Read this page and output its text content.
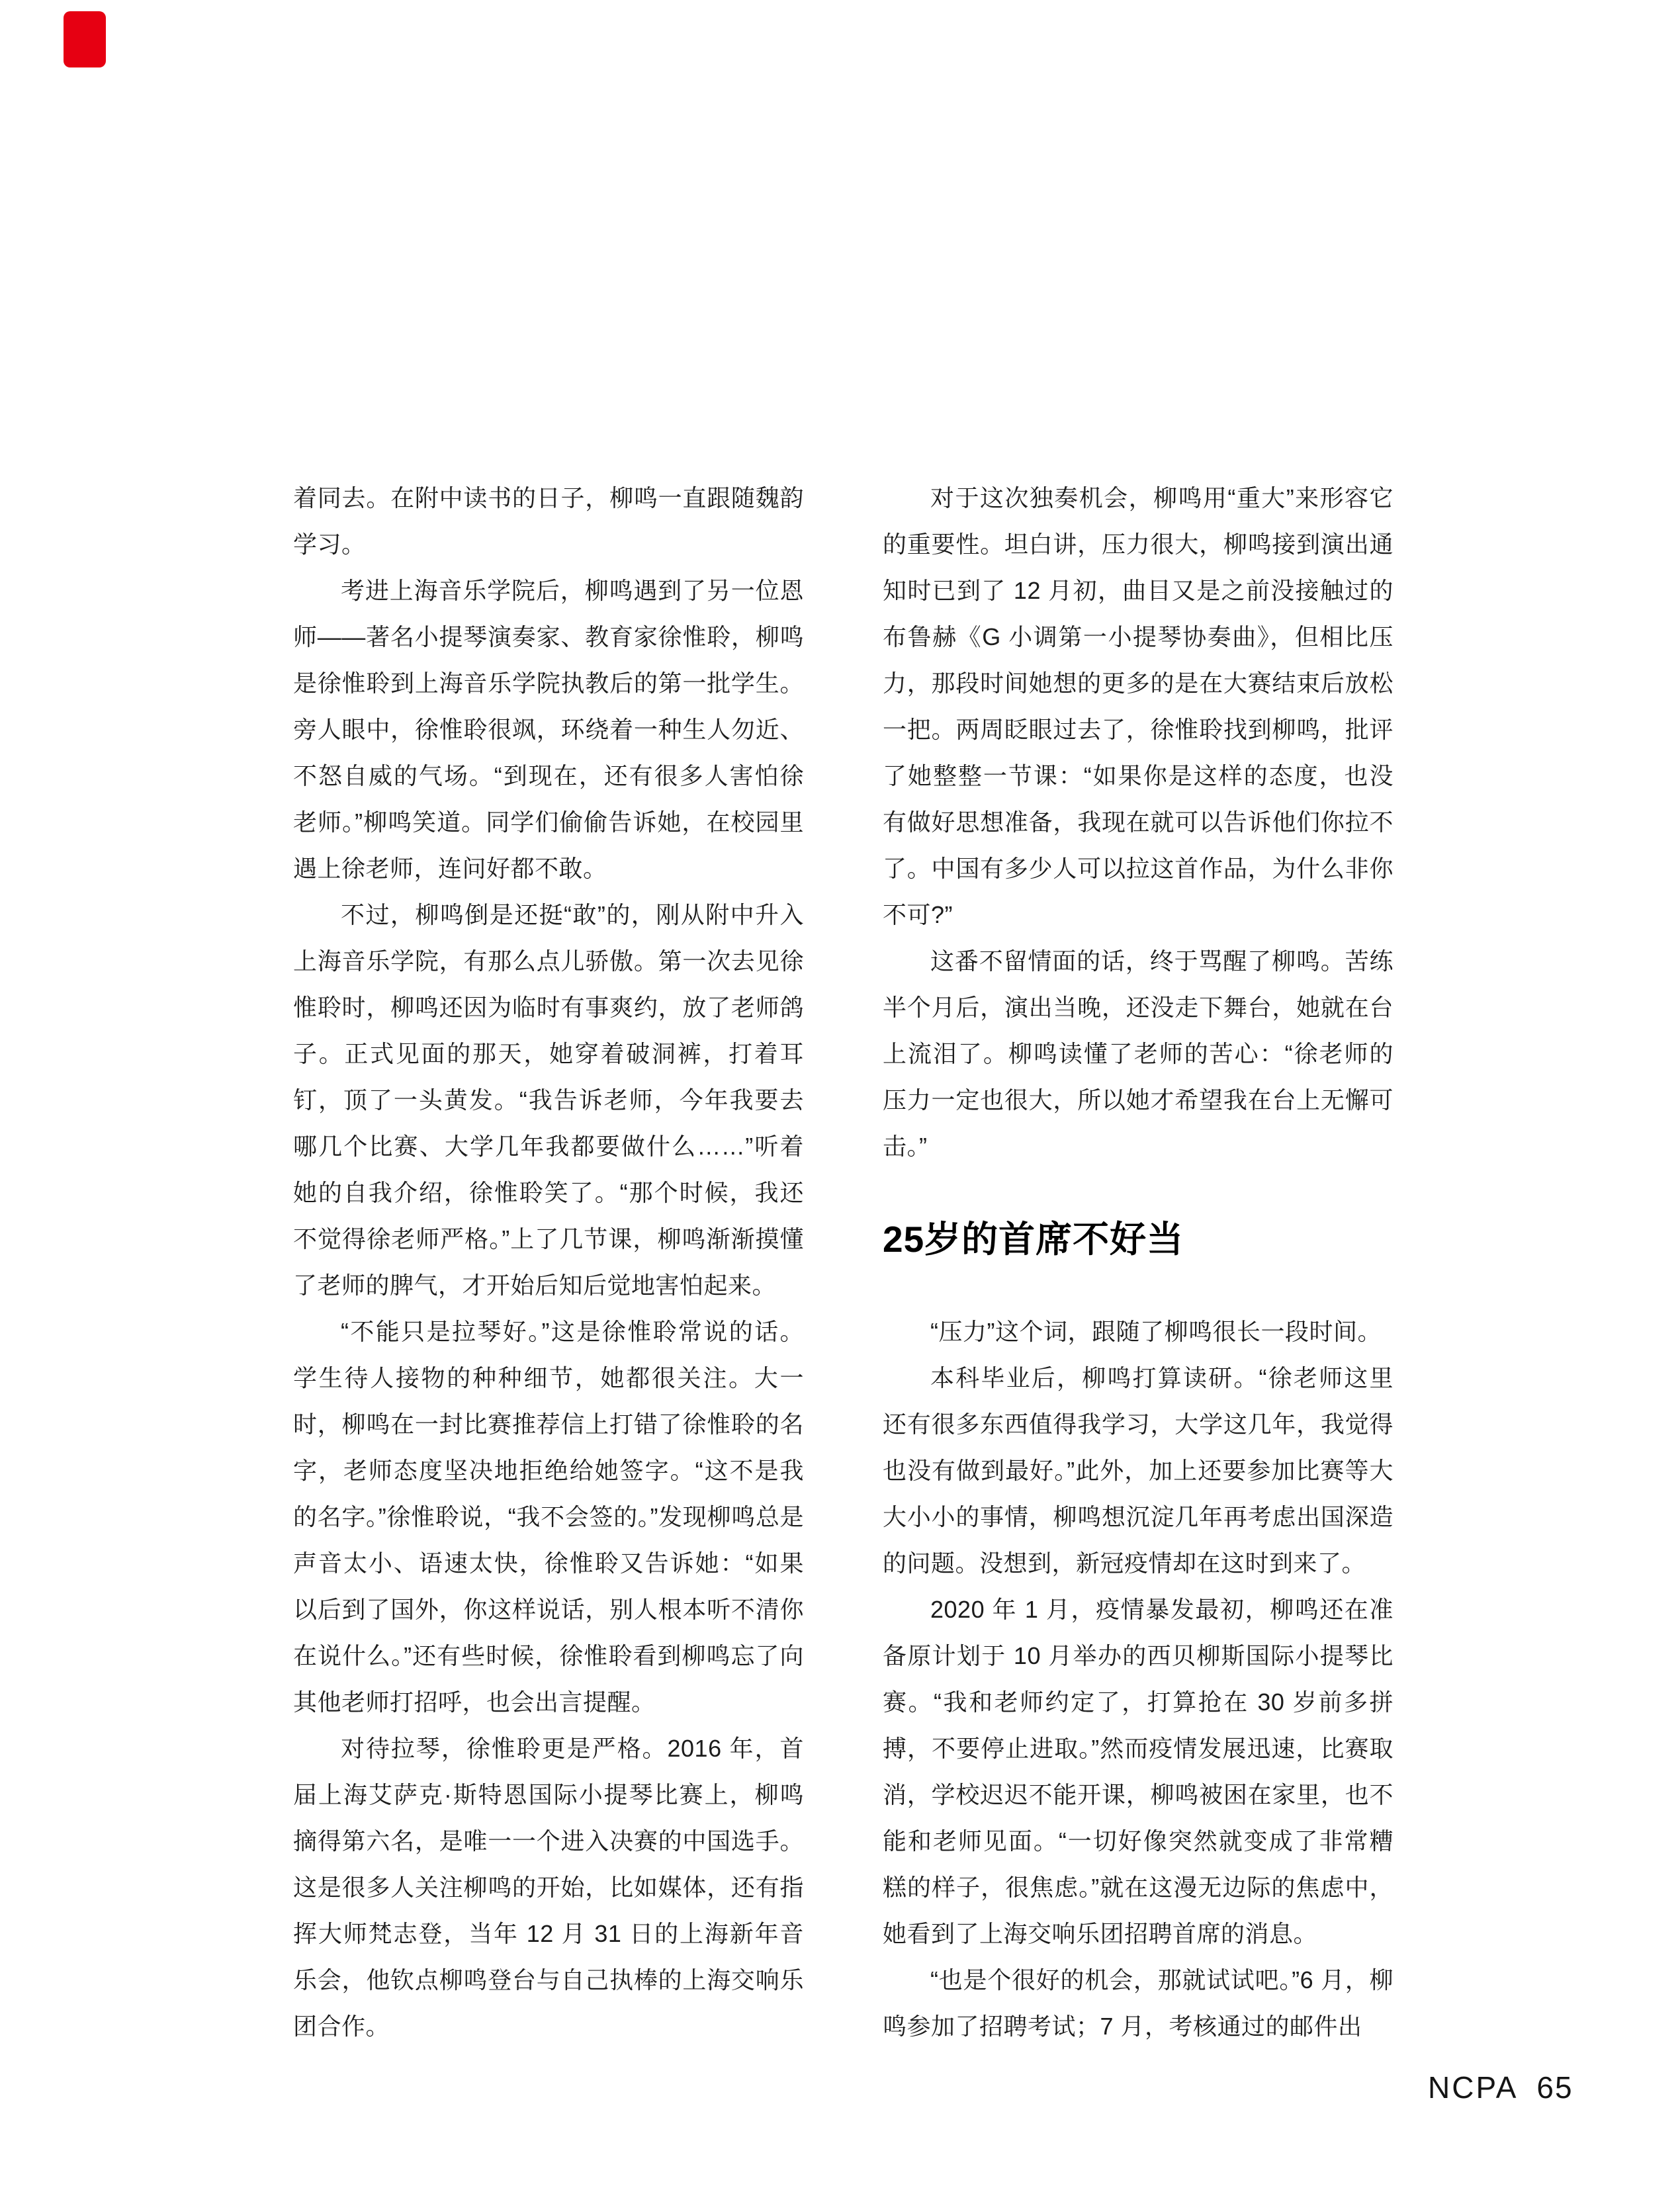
着同去。在附中读书的日子，柳鸣一直跟随魏韵学习。

考进上海音乐学院后，柳鸣遇到了另一位恩师——著名小提琴演奏家、教育家徐惟聆，柳鸣是徐惟聆到上海音乐学院执教后的第一批学生。旁人眼中，徐惟聆很飒，环绕着一种生人勿近、不怒自威的气场。“到现在，还有很多人害怕徐老师。”柳鸣笑道。同学们偷偷告诉她，在校园里遇上徐老师，连问好都不敢。

不过，柳鸣倒是还挺“敢”的，刚从附中升入上海音乐学院，有那么点儿骄傲。第一次去见徐惟聆时，柳鸣还因为临时有事爽约，放了老师鸽子。正式见面的那天，她穿着破洞裤，打着耳钉，顶了一头黄发。“我告诉老师，今年我要去哪几个比赛、大学几年我都要做什么……”听着她的自我介绍，徐惟聆笑了。“那个时候，我还不觉得徐老师严格。”上了几节课，柳鸣渐渐摸懂了老师的脾气，才开始后知后觉地害怕起来。

“不能只是拉琴好。”这是徐惟聆常说的话。学生待人接物的种种细节，她都很关注。大一时，柳鸣在一封比赛推荐信上打错了徐惟聆的名字，老师态度坚决地拒绝给她签字。“这不是我的名字。”徐惟聆说，“我不会签的。”发现柳鸣总是声音太小、语速太快，徐惟聆又告诉她：“如果以后到了国外，你这样说话，别人根本听不清你在说什么。”还有些时候，徐惟聆看到柳鸣忘了向其他老师打招呼，也会出言提醒。

对待拉琴，徐惟聆更是严格。2016 年，首届上海艾萨克·斯特恩国际小提琴比赛上，柳鸣摘得第六名，是唯一一个进入决赛的中国选手。这是很多人关注柳鸣的开始，比如媒体，还有指挥大师梵志登，当年 12 月 31 日的上海新年音乐会，他钦点柳鸣登台与自己执棒的上海交响乐团合作。

对于这次独奏机会，柳鸣用“重大”来形容它的重要性。坦白讲，压力很大，柳鸣接到演出通知时已到了 12 月初，曲目又是之前没接触过的布鲁赫《G 小调第一小提琴协奏曲》，但相比压力，那段时间她想的更多的是在大赛结束后放松一把。两周眨眼过去了，徐惟聆找到柳鸣，批评了她整整一节课：“如果你是这样的态度，也没有做好思想准备，我现在就可以告诉他们你拉不了。中国有多少人可以拉这首作品，为什么非你不可?”

这番不留情面的话，终于骂醒了柳鸣。苦练半个月后，演出当晚，还没走下舞台，她就在台上流泪了。柳鸣读懂了老师的苦心：“徐老师的压力一定也很大，所以她才希望我在台上无懈可击。”

25岁的首席不好当

“压力”这个词，跟随了柳鸣很长一段时间。

本科毕业后，柳鸣打算读研。“徐老师这里还有很多东西值得我学习，大学这几年，我觉得也没有做到最好。”此外，加上还要参加比赛等大大小小的事情，柳鸣想沉淀几年再考虑出国深造的问题。没想到，新冠疫情却在这时到来了。

2020 年 1 月，疫情暴发最初，柳鸣还在准备原计划于 10 月举办的西贝柳斯国际小提琴比赛。“我和老师约定了，打算抢在 30 岁前多拼搏，不要停止进取。”然而疫情发展迅速，比赛取消，学校迟迟不能开课，柳鸣被困在家里，也不能和老师见面。“一切好像突然就变成了非常糟糕的样子，很焦虑。”就在这漫无边际的焦虑中，她看到了上海交响乐团招聘首席的消息。

“也是个很好的机会，那就试试吧。”6 月，柳鸣参加了招聘考试；7 月，考核通过的邮件出

NCPA 65
